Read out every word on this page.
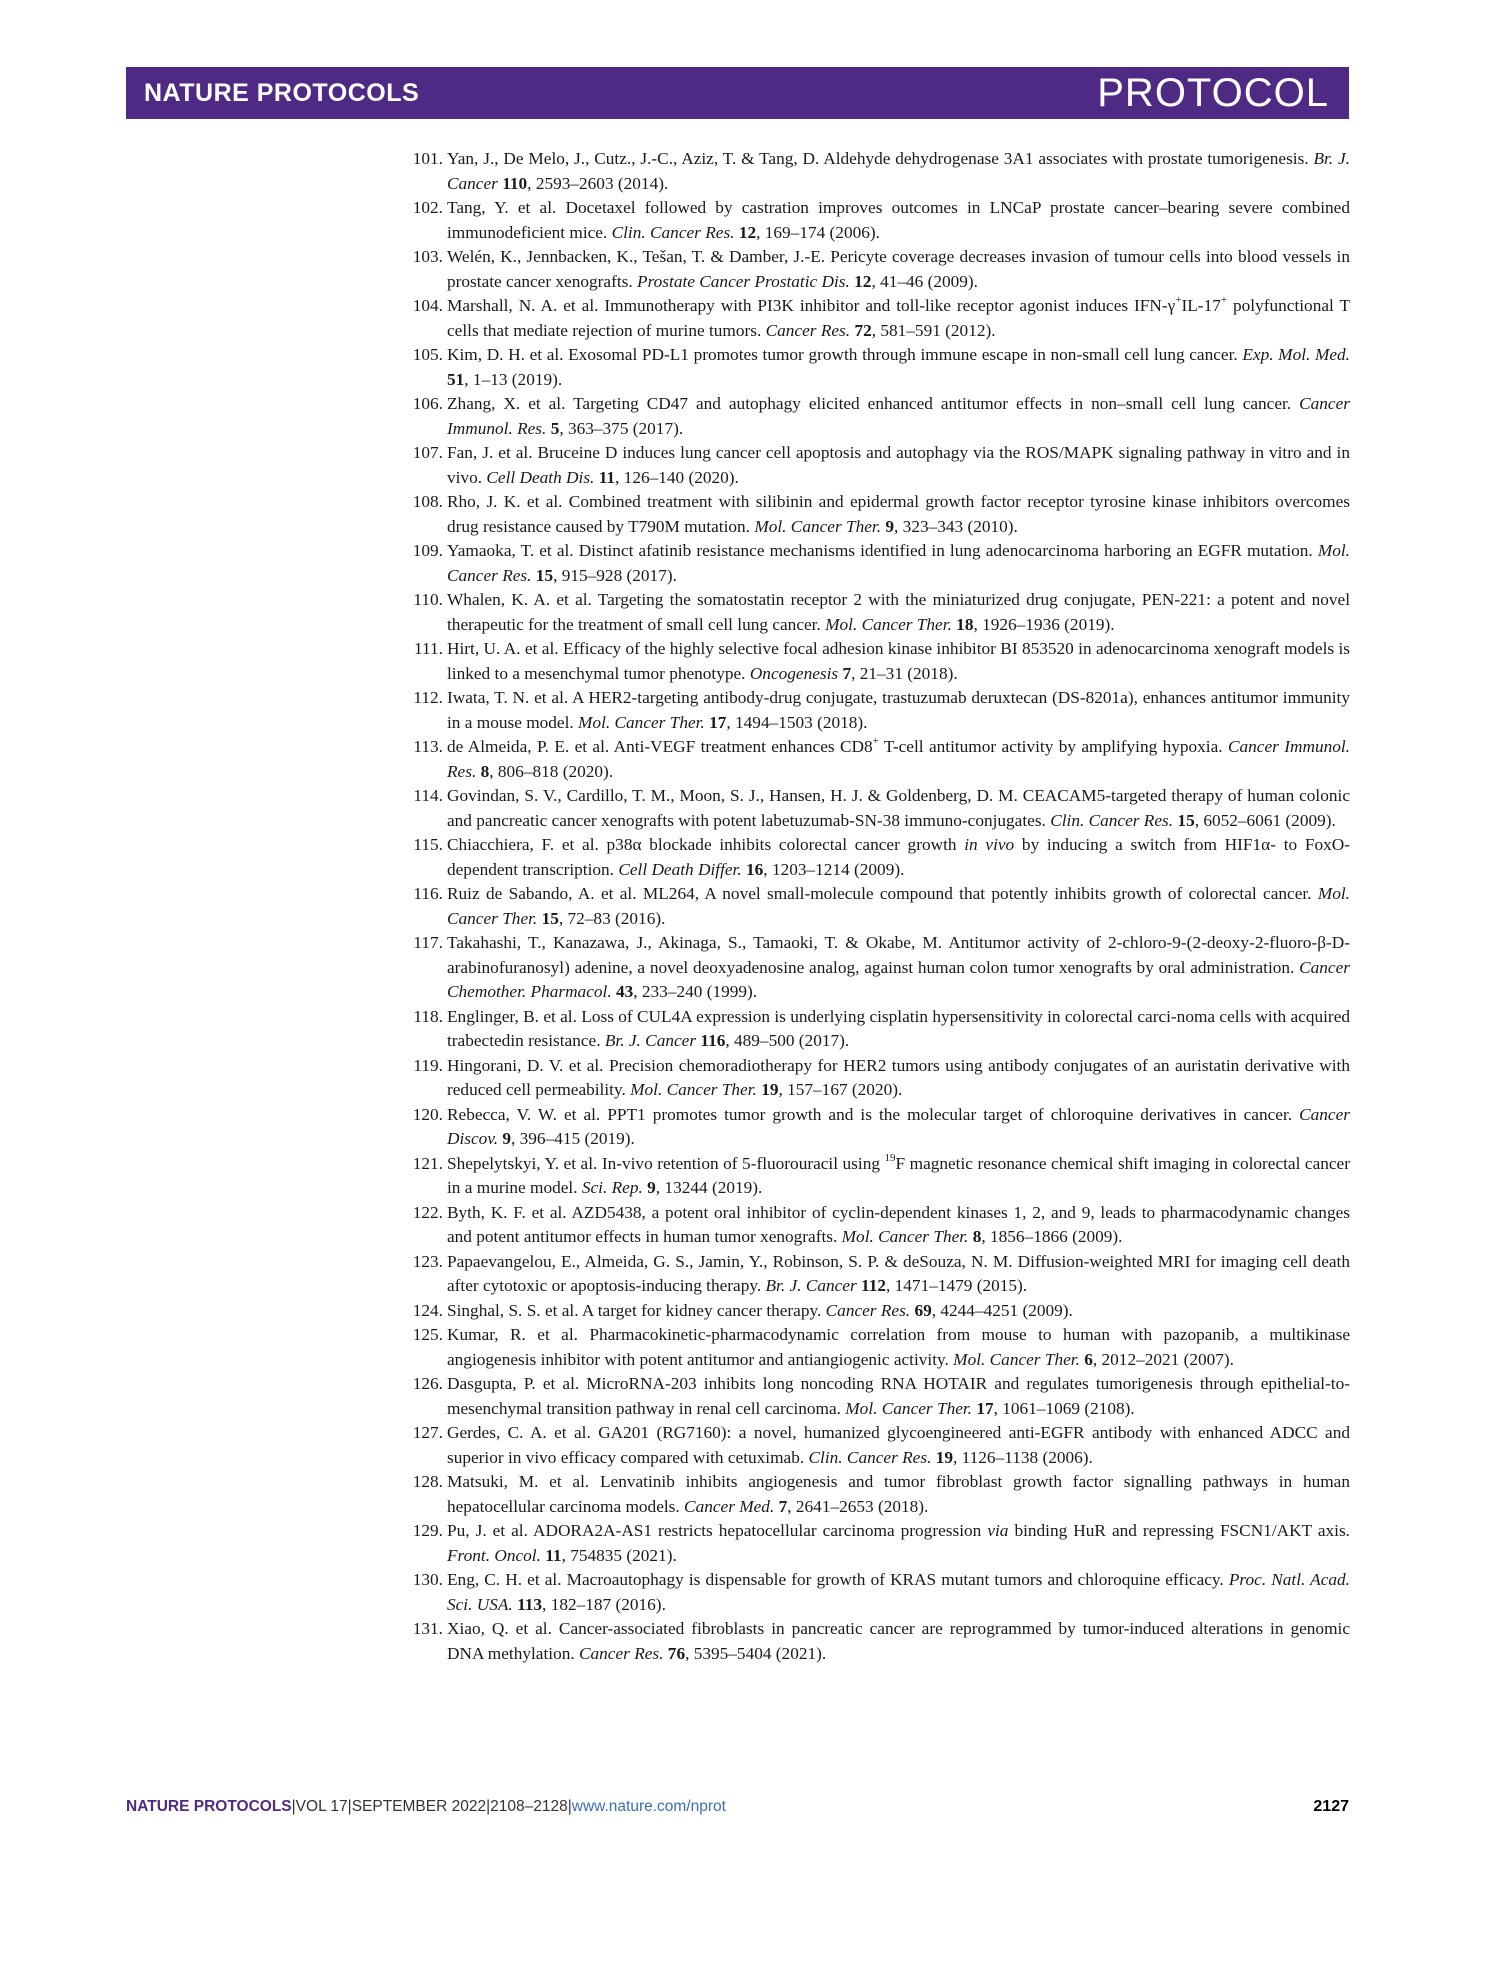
NATURE PROTOCOLS	PROTOCOL
101. Yan, J., De Melo, J., Cutz., J.-C., Aziz, T. & Tang, D. Aldehyde dehydrogenase 3A1 associates with prostate tumorigenesis. Br. J. Cancer 110, 2593–2603 (2014).
102. Tang, Y. et al. Docetaxel followed by castration improves outcomes in LNCaP prostate cancer–bearing severe combined immunodeficient mice. Clin. Cancer Res. 12, 169–174 (2006).
103. Welén, K., Jennbacken, K., Tešan, T. & Damber, J.-E. Pericyte coverage decreases invasion of tumour cells into blood vessels in prostate cancer xenografts. Prostate Cancer Prostatic Dis. 12, 41–46 (2009).
104. Marshall, N. A. et al. Immunotherapy with PI3K inhibitor and toll-like receptor agonist induces IFN-γ+IL-17+ polyfunctional T cells that mediate rejection of murine tumors. Cancer Res. 72, 581–591 (2012).
105. Kim, D. H. et al. Exosomal PD-L1 promotes tumor growth through immune escape in non-small cell lung cancer. Exp. Mol. Med. 51, 1–13 (2019).
106. Zhang, X. et al. Targeting CD47 and autophagy elicited enhanced antitumor effects in non–small cell lung cancer. Cancer Immunol. Res. 5, 363–375 (2017).
107. Fan, J. et al. Bruceine D induces lung cancer cell apoptosis and autophagy via the ROS/MAPK signaling pathway in vitro and in vivo. Cell Death Dis. 11, 126–140 (2020).
108. Rho, J. K. et al. Combined treatment with silibinin and epidermal growth factor receptor tyrosine kinase inhibitors overcomes drug resistance caused by T790M mutation. Mol. Cancer Ther. 9, 323–343 (2010).
109. Yamaoka, T. et al. Distinct afatinib resistance mechanisms identified in lung adenocarcinoma harboring an EGFR mutation. Mol. Cancer Res. 15, 915–928 (2017).
110. Whalen, K. A. et al. Targeting the somatostatin receptor 2 with the miniaturized drug conjugate, PEN-221: a potent and novel therapeutic for the treatment of small cell lung cancer. Mol. Cancer Ther. 18, 1926–1936 (2019).
111. Hirt, U. A. et al. Efficacy of the highly selective focal adhesion kinase inhibitor BI 853520 in adenocarcinoma xenograft models is linked to a mesenchymal tumor phenotype. Oncogenesis 7, 21–31 (2018).
112. Iwata, T. N. et al. A HER2-targeting antibody-drug conjugate, trastuzumab deruxtecan (DS-8201a), enhances antitumor immunity in a mouse model. Mol. Cancer Ther. 17, 1494–1503 (2018).
113. de Almeida, P. E. et al. Anti-VEGF treatment enhances CD8+ T-cell antitumor activity by amplifying hypoxia. Cancer Immunol. Res. 8, 806–818 (2020).
114. Govindan, S. V., Cardillo, T. M., Moon, S. J., Hansen, H. J. & Goldenberg, D. M. CEACAM5-targeted therapy of human colonic and pancreatic cancer xenografts with potent labetuzumab-SN-38 immuno-conjugates. Clin. Cancer Res. 15, 6052–6061 (2009).
115. Chiacchiera, F. et al. p38α blockade inhibits colorectal cancer growth in vivo by inducing a switch from HIF1α- to FoxO-dependent transcription. Cell Death Differ. 16, 1203–1214 (2009).
116. Ruiz de Sabando, A. et al. ML264, A novel small-molecule compound that potently inhibits growth of colorectal cancer. Mol. Cancer Ther. 15, 72–83 (2016).
117. Takahashi, T., Kanazawa, J., Akinaga, S., Tamaoki, T. & Okabe, M. Antitumor activity of 2-chloro-9-(2-deoxy-2-fluoro-β-D-arabinofuranosyl) adenine, a novel deoxyadenosine analog, against human colon tumor xenografts by oral administration. Cancer Chemother. Pharmacol. 43, 233–240 (1999).
118. Englinger, B. et al. Loss of CUL4A expression is underlying cisplatin hypersensitivity in colorectal carci-noma cells with acquired trabectedin resistance. Br. J. Cancer 116, 489–500 (2017).
119. Hingorani, D. V. et al. Precision chemoradiotherapy for HER2 tumors using antibody conjugates of an auristatin derivative with reduced cell permeability. Mol. Cancer Ther. 19, 157–167 (2020).
120. Rebecca, V. W. et al. PPT1 promotes tumor growth and is the molecular target of chloroquine derivatives in cancer. Cancer Discov. 9, 396–415 (2019).
121. Shepelytskyi, Y. et al. In-vivo retention of 5-fluorouracil using $^{19}$F magnetic resonance chemical shift imaging in colorectal cancer in a murine model. Sci. Rep. 9, 13244 (2019).
122. Byth, K. F. et al. AZD5438, a potent oral inhibitor of cyclin-dependent kinases 1, 2, and 9, leads to pharmacodynamic changes and potent antitumor effects in human tumor xenografts. Mol. Cancer Ther. 8, 1856–1866 (2009).
123. Papaevangelou, E., Almeida, G. S., Jamin, Y., Robinson, S. P. & deSouza, N. M. Diffusion-weighted MRI for imaging cell death after cytotoxic or apoptosis-inducing therapy. Br. J. Cancer 112, 1471–1479 (2015).
124. Singhal, S. S. et al. A target for kidney cancer therapy. Cancer Res. 69, 4244–4251 (2009).
125. Kumar, R. et al. Pharmacokinetic-pharmacodynamic correlation from mouse to human with pazopanib, a multikinase angiogenesis inhibitor with potent antitumor and antiangiogenic activity. Mol. Cancer Ther. 6, 2012–2021 (2007).
126. Dasgupta, P. et al. MicroRNA-203 inhibits long noncoding RNA HOTAIR and regulates tumorigenesis through epithelial-to-mesenchymal transition pathway in renal cell carcinoma. Mol. Cancer Ther. 17, 1061–1069 (2108).
127. Gerdes, C. A. et al. GA201 (RG7160): a novel, humanized glycoengineered anti-EGFR antibody with enhanced ADCC and superior in vivo efficacy compared with cetuximab. Clin. Cancer Res. 19, 1126–1138 (2006).
128. Matsuki, M. et al. Lenvatinib inhibits angiogenesis and tumor fibroblast growth factor signalling pathways in human hepatocellular carcinoma models. Cancer Med. 7, 2641–2653 (2018).
129. Pu, J. et al. ADORA2A-AS1 restricts hepatocellular carcinoma progression via binding HuR and repressing FSCN1/AKT axis. Front. Oncol. 11, 754835 (2021).
130. Eng, C. H. et al. Macroautophagy is dispensable for growth of KRAS mutant tumors and chloroquine efficacy. Proc. Natl. Acad. Sci. USA. 113, 182–187 (2016).
131. Xiao, Q. et al. Cancer-associated fibroblasts in pancreatic cancer are reprogrammed by tumor-induced alterations in genomic DNA methylation. Cancer Res. 76, 5395–5404 (2021).
NATURE PROTOCOLS|VOL 17|SEPTEMBER 2022|2108–2128|www.nature.com/nprot	2127
